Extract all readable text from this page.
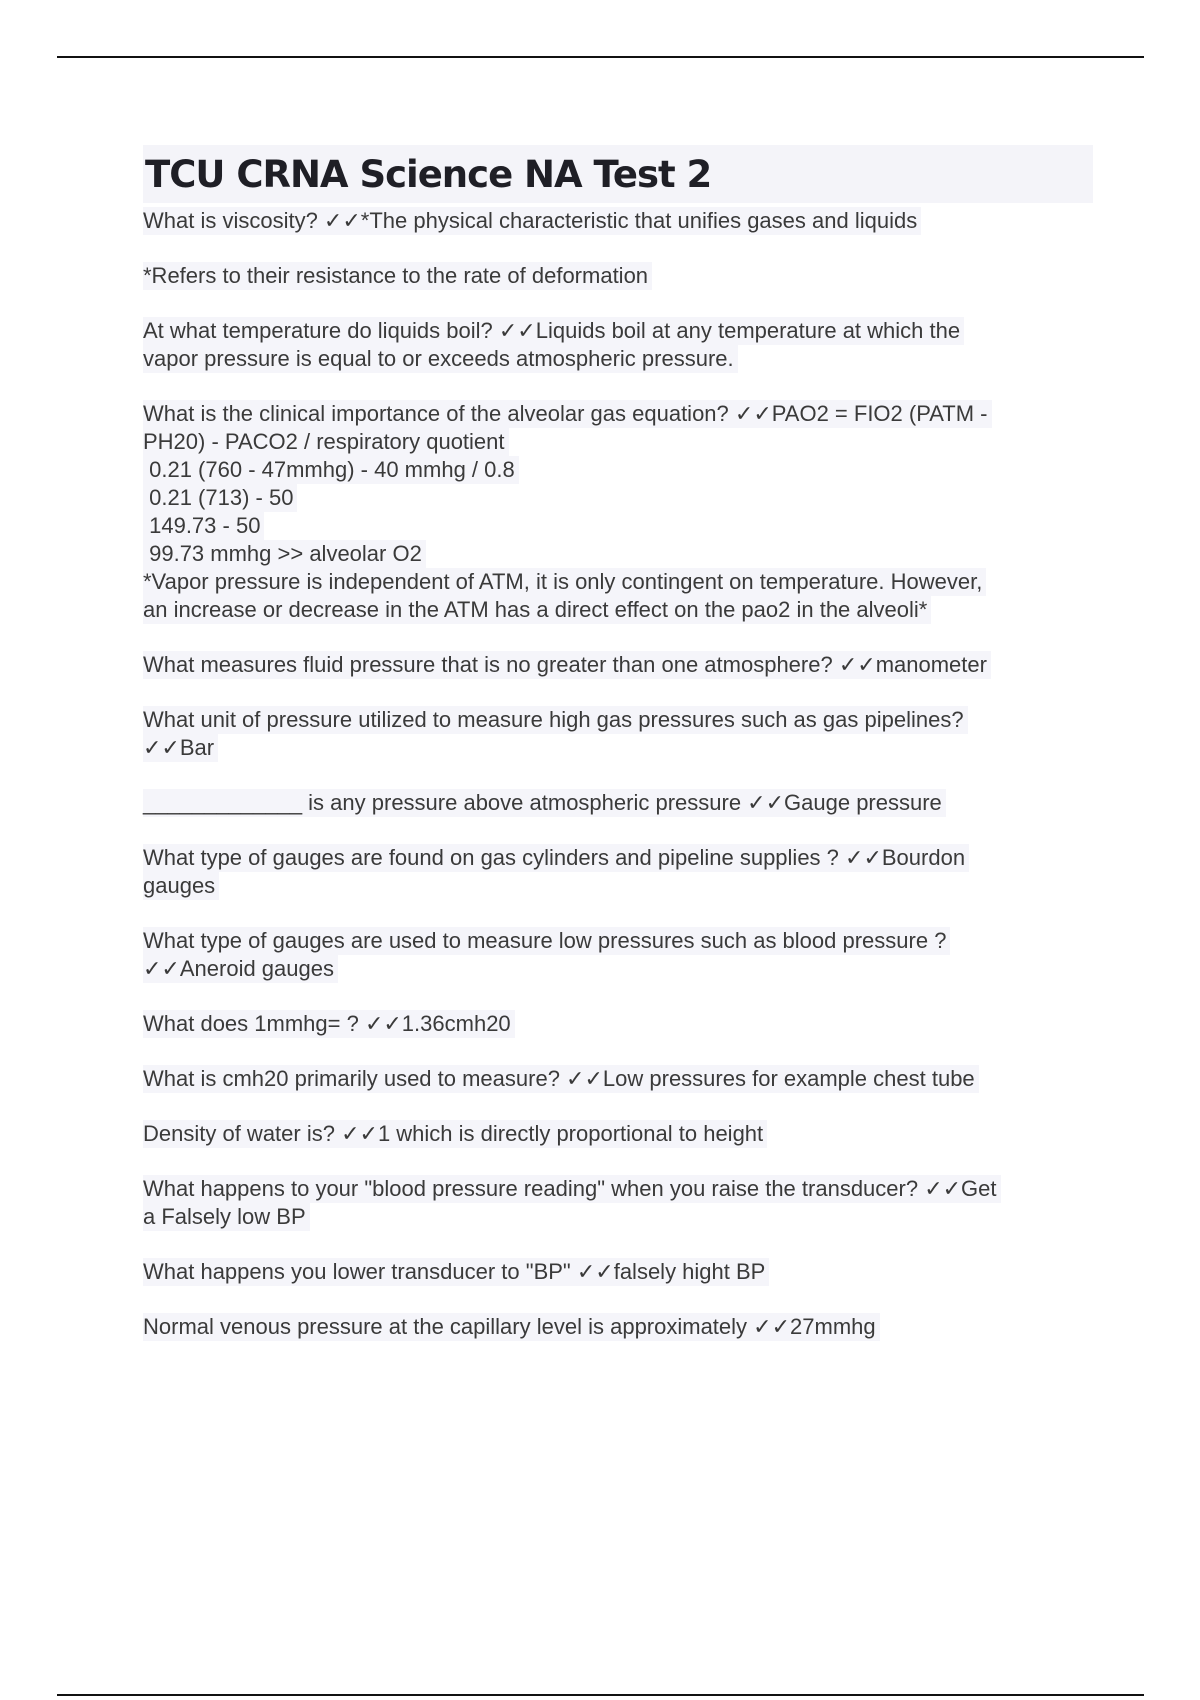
TCU CRNA Science NA Test 2
What is viscosity? ✓✓*The physical characteristic that unifies gases and liquids
*Refers to their resistance to the rate of deformation
At what temperature do liquids boil? ✓✓Liquids boil at any temperature at which the
vapor pressure is equal to or exceeds atmospheric pressure.
What is the clinical importance of the alveolar gas equation? ✓✓PAO2 = FIO2 (PATM -
PH20) - PACO2 / respiratory quotient
0.21 (760 - 47mmhg) - 40 mmhg / 0.8
0.21 (713) - 50
149.73 - 50
99.73 mmhg >> alveolar O2
*Vapor pressure is independent of ATM, it is only contingent on temperature. However,
an increase or decrease in the ATM has a direct effect on the pao2 in the alveoli*
What measures fluid pressure that is no greater than one atmosphere? ✓✓manometer
What unit of pressure utilized to measure high gas pressures such as gas pipelines?
✓✓Bar
_____________ is any pressure above atmospheric pressure ✓✓Gauge pressure
What type of gauges are found on gas cylinders and pipeline supplies ? ✓✓Bourdon
gauges
What type of gauges are used to measure low pressures such as blood pressure ?
✓✓Aneroid gauges
What does 1mmhg= ? ✓✓1.36cmh20
What is cmh20 primarily used to measure? ✓✓Low pressures for example chest tube
Density of water is? ✓✓1 which is directly proportional to height
What happens to your "blood pressure reading" when you raise the transducer? ✓✓Get
a Falsely low BP
What happens you lower transducer to "BP" ✓✓falsely hight BP
Normal venous pressure at the capillary level is approximately ✓✓27mmhg
